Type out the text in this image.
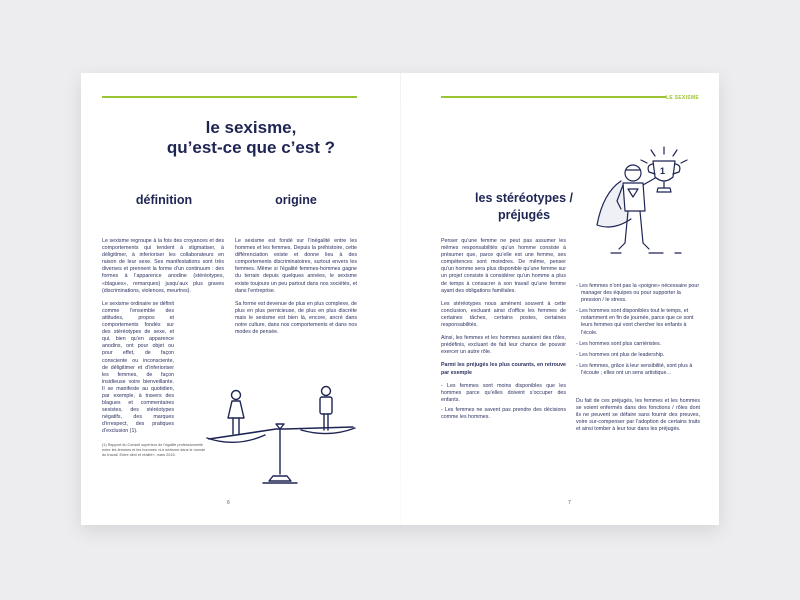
le sexisme,
qu’est-ce que c’est ?
définition	origine

Le sexisme regroupe à la fois des croyances et des comportements qui tendent à stigmatiser, à déligitimer, à inferioriser les collaborateurs en raison de leur sexe. Ses manifestations sont très diverses et prennent la forme d’un continuum : des formes à l’apparence anodine (stéréotypes, «blagues», remarques) jusqu’aux plus graves (discriminations, violences, meurtres).

Le sexisme ordinaire se définit comme l’ensemble des attitudes, propos et comportements fondés sur des stéréotypes de sexe, et qui, bien qu’en apparence anodins, ont pour objet ou pour effet, de façon consciente ou inconsciente, de déligitimer et d’inferioriser les femmes, de façon insidieuse voire bienveillante. Il se manifeste au quotidien, par exemple, à travers des blagues et commentaires sexistes, des stéréotypes négatifs, des marques d’irrespect, des pratiques d’exclusion (1).

Le sexisme est fondé sur l’inégalité entre les hommes et les femmes. Depuis la préhistoire, cette différenciation existe et donne lieu à des comportements discriminatoires, surtout envers les femmes. Même si l’égalité femmes-hommes gagne du terrain depuis quelques années, le sexisme existe toujours un peu partout dans nos sociétés, et dans l’entreprise.

Sa forme est devenue de plus en plus complexe, de plus en plus pernicieuse, de plus en plus discrète mais le sexisme est bien là, encore, ancré dans notre culture, dans nos comportements et dans nos modes de pensée.

(1) Rapport du Conseil supérieur de l’égalité professionnelle entre les femmes et les hommes «Le sexisme dans le monde du travail. Entre déni et réalité», mars 2015.
6
LE SEXISME
les stéréotypes /
préjugés
1

Penser qu’une femme ne peut pas assumer les mêmes responsabilités qu’un homme consiste à présumer que, parce qu’elle est une femme, ses compétences sont moindres. De même, penser qu’un homme sera plus disponible qu’une femme sur un projet consiste à considérer qu’un homme a plus de temps à consacrer à son travail qu’une femme ayant des obligations familiales.

Les stéréotypes nous amènent souvent à cette conclusion, excluant ainsi d’office les femmes de certaines tâches, certains postes, certaines responsabilités.

Ainsi, les femmes et les hommes auraient des rôles, prédéfinis, excluant de fait leur chance de pouvoir exercer un autre rôle.

Parmi les préjugés les plus courants, en retrouve par exemple

- Les femmes sont moins disponibles que les hommes parce qu’elles doivent s’occuper des enfants.
- Les femmes ne savent pas prendre des décisions comme les hommes.
- Les femmes n’ont pas la «poigne» nécessaire pour manager des équipes ou pour supporter la pression / le stress.
- Les hommes sont disponibles tout le temps, et notamment en fin de journée, parce que ce sont leurs femmes qui vont chercher les enfants à l’école.
- Les hommes sont plus carriéristes.
- Les hommes ont plus de leadership.
- Les femmes, grâce à leur sensibilité, sont plus à l’écoute ; elles ont un sens artistique…
Du fait de ces préjugés, les femmes et les hommes se voient enfermés dans des fonctions / rôles dont ils ne peuvent se défaire sans fournir des preuves, voire sur-compenser par l’adoption de certains traits et ainsi tomber à leur tour dans les préjugés.
7
